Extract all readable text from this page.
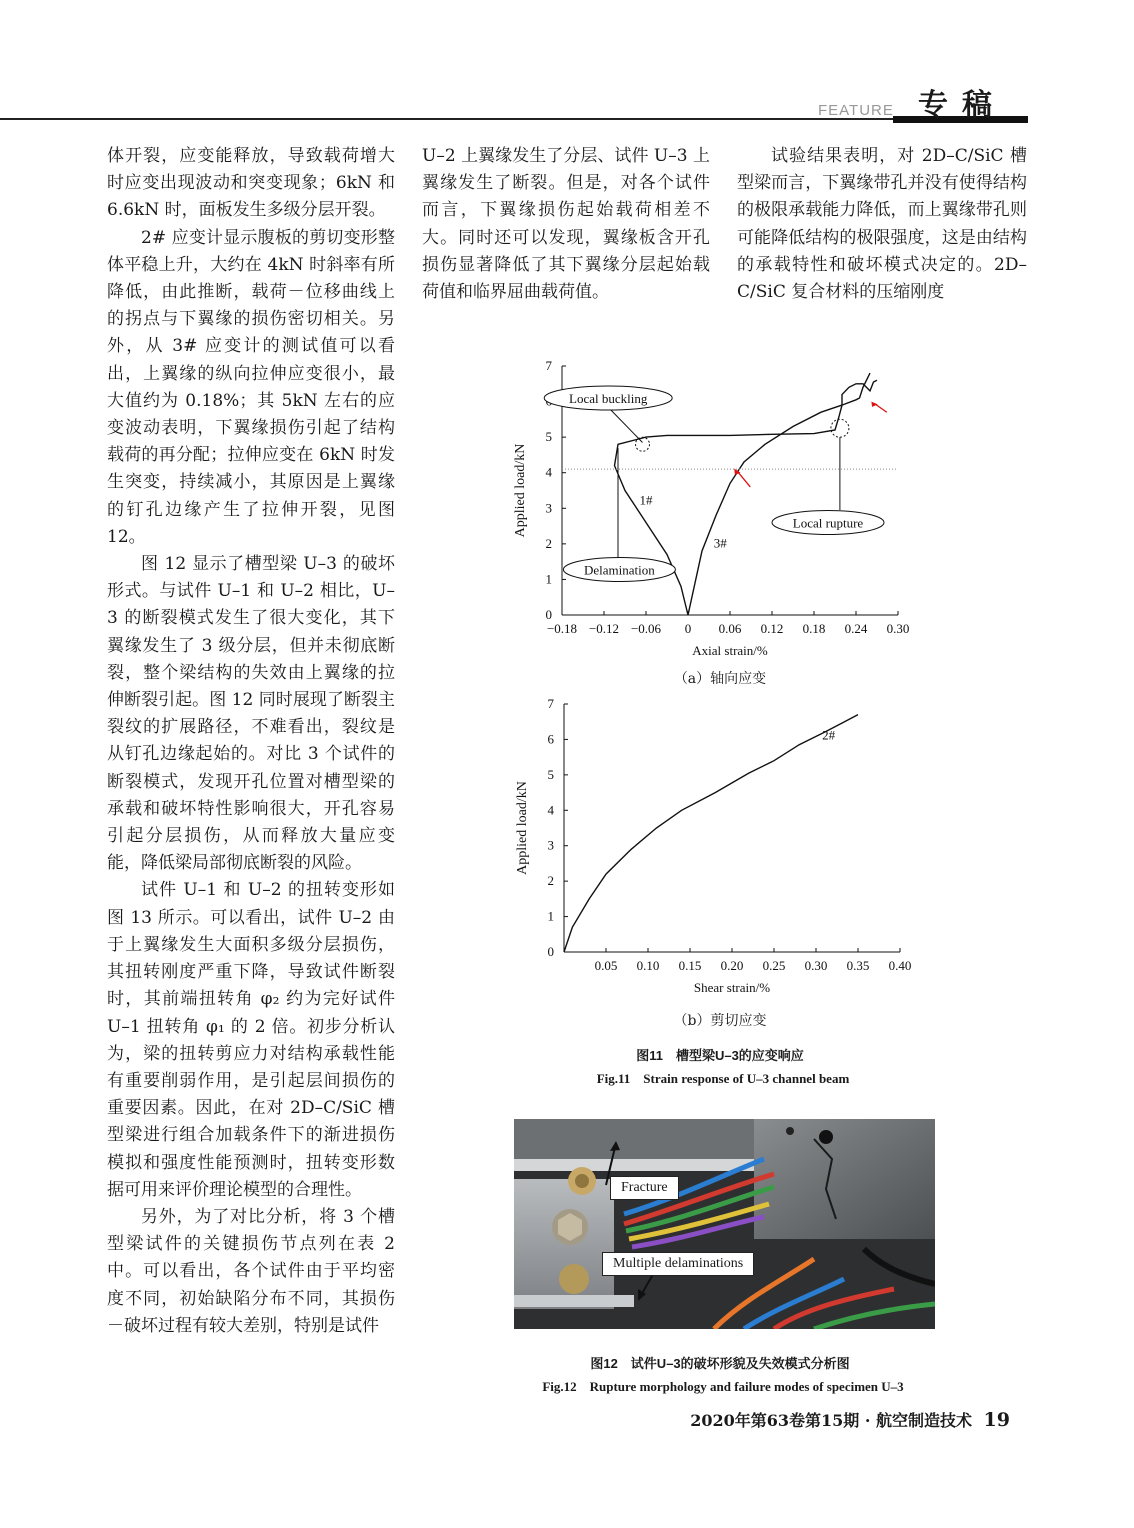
FEATURE 专稿

体开裂，应变能释放，导致载荷增大时应变出现波动和突变现象；6kN 和 6.6kN 时，面板发生多级分层开裂。

2# 应变计显示腹板的剪切变形整体平稳上升，大约在 4kN 时斜率有所降低，由此推断，载荷－位移曲线上的拐点与下翼缘的损伤密切相关。另外，从 3# 应变计的测试值可以看出，上翼缘的纵向拉伸应变很小，最大值约为 0.18%；其 5kN 左右的应变波动表明，下翼缘损伤引起了结构载荷的再分配；拉伸应变在 6kN 时发生突变，持续减小，其原因是上翼缘的钉孔边缘产生了拉伸开裂，见图 12。

图 12 显示了槽型梁 U–3 的破坏形式。与试件 U–1 和 U–2 相比，U–3 的断裂模式发生了很大变化，其下翼缘发生了 3 级分层，但并未彻底断裂，整个梁结构的失效由上翼缘的拉伸断裂引起。图 12 同时展现了断裂主裂纹的扩展路径，不难看出，裂纹是从钉孔边缘起始的。对比 3 个试件的断裂模式，发现开孔位置对槽型梁的承载和破坏特性影响很大，开孔容易引起分层损伤，从而释放大量应变能，降低梁局部彻底断裂的风险。

试件 U–1 和 U–2 的扭转变形如图 13 所示。可以看出，试件 U–2 由于上翼缘发生大面积多级分层损伤，其扭转刚度严重下降，导致试件断裂时，其前端扭转角 φ₂ 约为完好试件 U–1 扭转角 φ₁ 的 2 倍。初步分析认为，梁的扭转剪应力对结构承载性能有重要削弱作用，是引起层间损伤的重要因素。因此，在对 2D–C/SiC 槽型梁进行组合加载条件下的渐进损伤模拟和强度性能预测时，扭转变形数据可用来评价理论模型的合理性。

另外，为了对比分析，将 3 个槽型梁试件的关键损伤节点列在表 2 中。可以看出，各个试件由于平均密度不同，初始缺陷分布不同，其损伤－破坏过程有较大差别，特别是试件

U–2 上翼缘发生了分层、试件 U–3 上翼缘发生了断裂。但是，对各个试件而言，下翼缘损伤起始载荷相差不大。同时还可以发现，翼缘板含开孔损伤显著降低了其下翼缘分层起始载荷值和临界屈曲载荷值。

试验结果表明，对 2D–C/SiC 槽型梁而言，下翼缘带孔并没有使得结构的极限承载能力降低，而上翼缘带孔则可能降低结构的极限强度，这是由结构的承载特性和破坏模式决定的。2D–C/SiC 复合材料的压缩刚度

0
1
2
3
4
5
7
−0.18 −0.12 −0.06 0 0.06 0.12 0.18 0.24 0.30
Axial strain/%
Applied load/kN	1#
3#
Local buckling
Delamination
Local rupture
（a）轴向应变
0
1
2
3
4
5
6
7
0.05 0.10 0.15 0.20 0.25 0.30 0.35 0.40
Shear strain/%
Applied load/kN
2#
（b）剪切应变
图11　槽型梁U–3的应变响应
Fig.11　Strain response of U–3 channel beam
Fracture
Multiple delaminations
图12　试件U–3的破坏形貌及失效模式分析图
Fig.12　Rupture morphology and failure modes of specimen U–3
2020年第63卷第15期 · 航空制造技术 19
